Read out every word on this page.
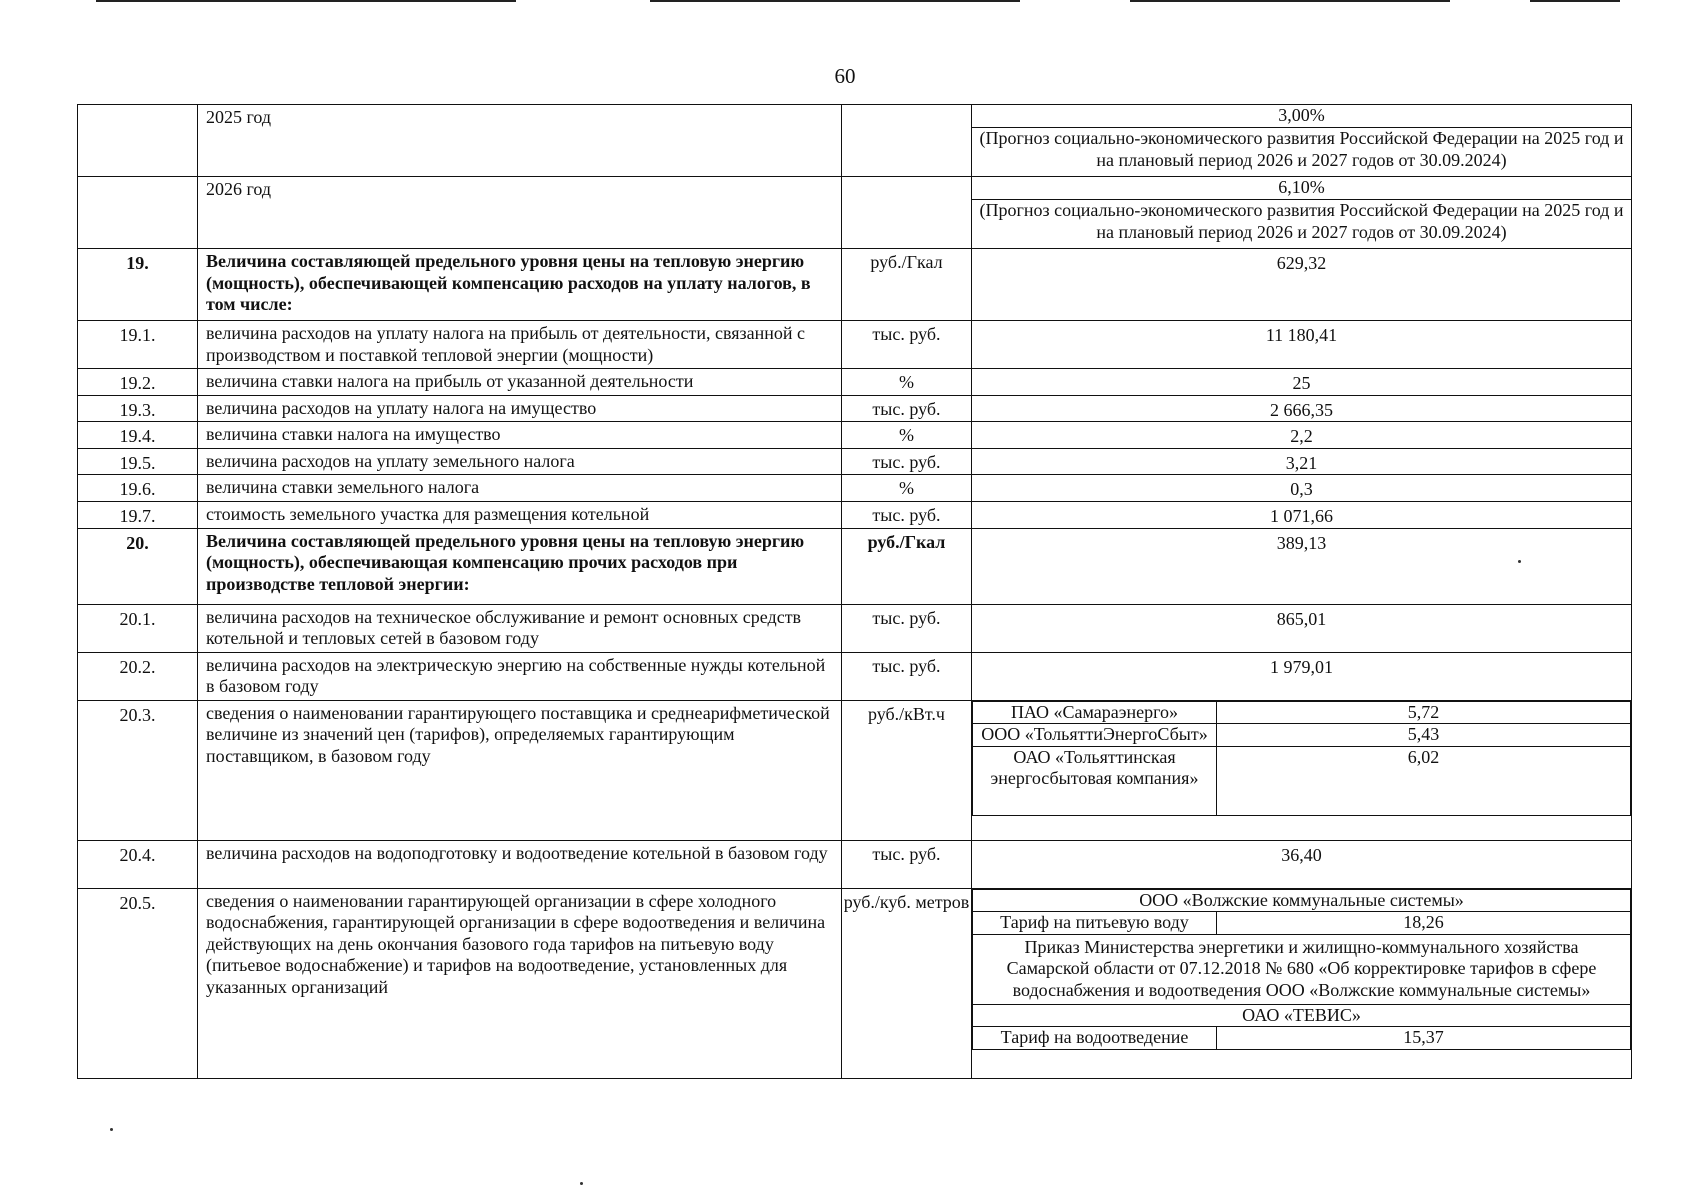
60
	2025 год		3,00%
(Прогноз социально-экономического развития Российской Федерации на 2025 год и на плановый период 2026 и 2027 годов от 30.09.2024)

	2026 год		6,10%
(Прогноз социально-экономического развития Российской Федерации на 2025 год и на плановый период 2026 и 2027 годов от 30.09.2024)

19.	Величина составляющей предельного уровня цены на тепловую энергию (мощность), обеспечивающей компенсацию расходов на уплату налогов, в том числе:	руб./Гкал	629,32
19.1.	величина расходов на уплату налога на прибыль от деятельности, связанной с производством и поставкой тепловой энергии (мощности)	тыс. руб.	11 180,41
19.2.	величина ставки налога на прибыль от указанной деятельности	%	25
19.3.	величина расходов на уплату налога на имущество	тыс. руб.	2 666,35
19.4.	величина ставки налога на имущество	%	2,2
19.5.	величина расходов на уплату земельного налога	тыс. руб.	3,21
19.6.	величина ставки земельного налога	%	0,3
19.7.	стоимость земельного участка для размещения котельной	тыс. руб.	1 071,66
20.	Величина составляющей предельного уровня цены на тепловую энергию (мощность), обеспечивающая компенсацию прочих расходов при производстве тепловой энергии:	руб./Гкал	389,13
20.1.	величина расходов на техническое обслуживание и ремонт основных средств котельной и тепловых сетей в базовом году	тыс. руб.	865,01
20.2.	величина расходов на электрическую энергию на собственные нужды котельной в базовом году	тыс. руб.	1 979,01
20.3.	сведения о наименовании гарантирующего поставщика и среднеарифметической величине из значений цен (тарифов), определяемых гарантирующим поставщиком, в базовом году	руб./кВт.ч		ПАО «Самараэнерго»	5,72
ООО «ТольяттиЭнергоСбыт»	5,43
ОАО «Тольяттинская энергосбытовая компания»	6,02

20.4.	величина расходов на водоподготовку и водоотведение котельной в базовом году	тыс. руб.	36,40
20.5.	сведения о наименовании гарантирующей организации в сфере холодного водоснабжения, гарантирующей организации в сфере водоотведения и величина действующих на день окончания базового года тарифов на питьевую воду (питьевое водоснабжение) и тарифов на водоотведение, установленных для указанных организаций	руб./куб. метров		ООО «Волжские коммунальные системы»
Тариф на питьевую воду	18,26
Приказ Министерства энергетики и жилищно-коммунального хозяйства Самарской области от 07.12.2018 № 680 «Об корректировке тарифов в сфере водоснабжения и водоотведения ООО «Волжские коммунальные системы»
ОАО «ТЕВИС»
Тариф на водоотведение	15,37
